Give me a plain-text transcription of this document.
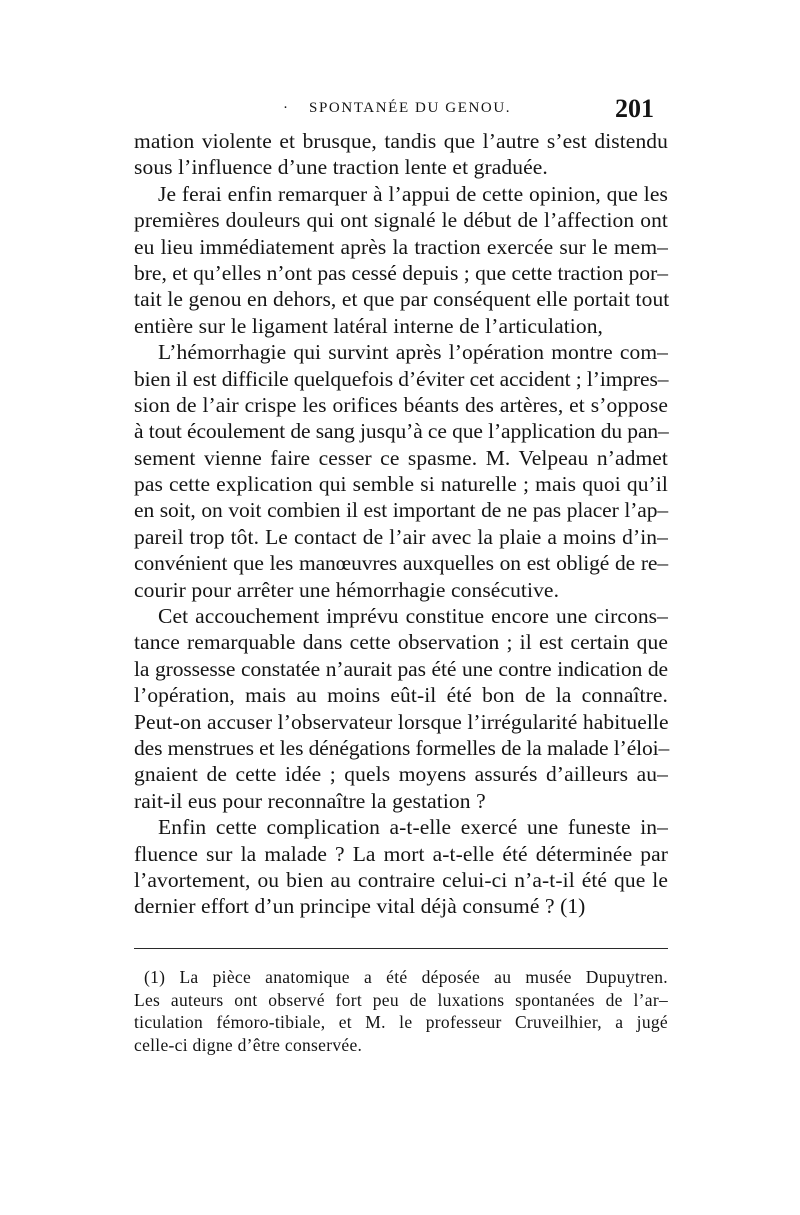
· SPONTANÉE DU GENOU.	201
mation violente et brusque, tandis que l’autre s’est distendu
sous l’influence d’une traction lente et graduée.
Je ferai enfin remarquer à l’appui de cette opinion, que les
premières douleurs qui ont signalé le début de l’affection ont
eu lieu immédiatement après la traction exercée sur le mem–
bre, et qu’elles n’ont pas cessé depuis ; que cette traction por–
tait le genou en dehors, et que par conséquent elle portait tout
entière sur le ligament latéral interne de l’articulation,
L’hémorrhagie qui survint après l’opération montre com–
bien il est difficile quelquefois d’éviter cet accident ; l’impres–
sion de l’air crispe les orifices béants des artères, et s’oppose
à tout écoulement de sang jusqu’à ce que l’application du pan–
sement vienne faire cesser ce spasme. M. Velpeau n’admet
pas cette explication qui semble si naturelle ; mais quoi qu’il
en soit, on voit combien il est important de ne pas placer l’ap–
pareil trop tôt. Le contact de l’air avec la plaie a moins d’in–
convénient que les manœuvres auxquelles on est obligé de re–
courir pour arrêter une hémorrhagie consécutive.
Cet accouchement imprévu constitue encore une circons–
tance remarquable dans cette observation ; il est certain que
la grossesse constatée n’aurait pas été une contre indication de
l’opération, mais au moins eût-il été bon de la connaître.
Peut-on accuser l’observateur lorsque l’irrégularité habituelle
des menstrues et les dénégations formelles de la malade l’éloi–
gnaient de cette idée ; quels moyens assurés d’ailleurs au–
rait-il eus pour reconnaître la gestation ?
Enfin cette complication a-t-elle exercé une funeste in–
fluence sur la malade ? La mort a-t-elle été déterminée par
l’avortement, ou bien au contraire celui-ci n’a-t-il été que le
dernier effort d’un principe vital déjà consumé ? (1)
(1) La pièce anatomique a été déposée au musée Dupuytren.
Les auteurs ont observé fort peu de luxations spontanées de l’ar–
ticulation fémoro-tibiale, et M. le professeur Cruveilhier, a jugé
celle-ci digne d’être conservée.
